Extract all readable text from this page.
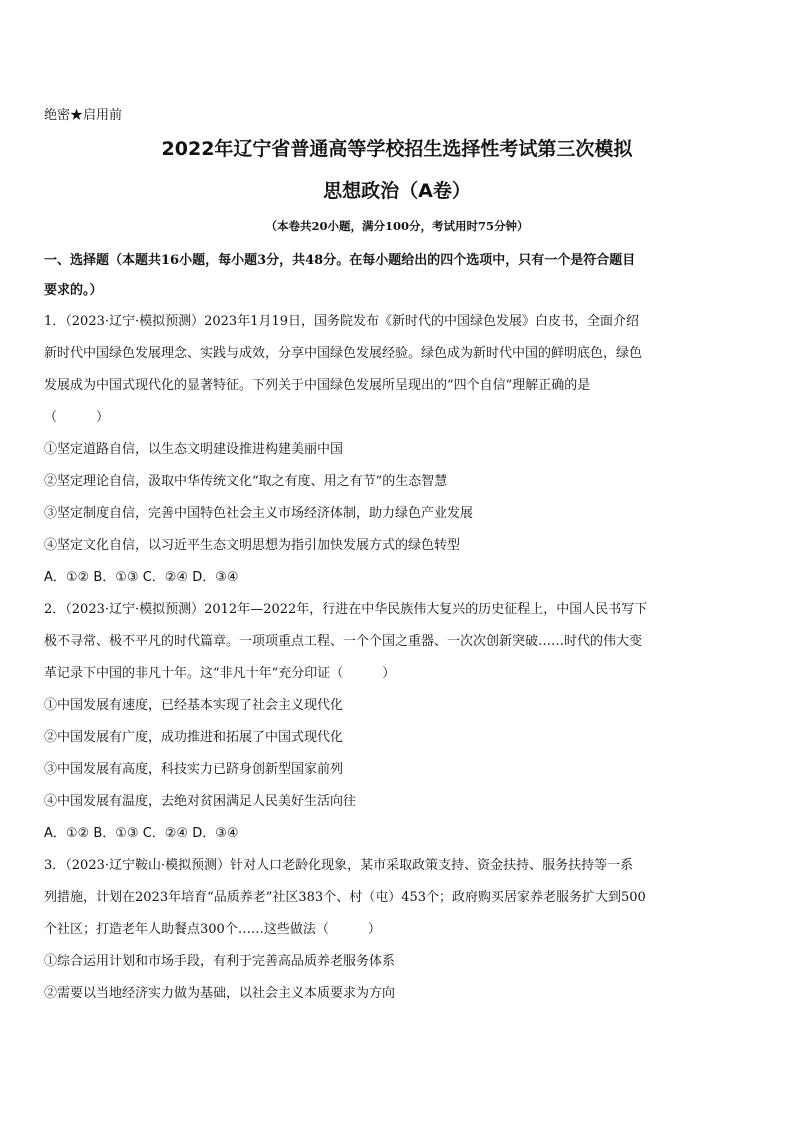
绝密★启用前
2022年辽宁省普通高等学校招生选择性考试第三次模拟
思想政治（A卷）
（本卷共20小题，满分100分，考试用时75分钟）
一、选择题（本题共16小题，每小题3分，共48分。在每小题给出的四个选项中，只有一个是符合题目
要求的。）
1．（2023·辽宁·模拟预测）2023年1月19日，国务院发布《新时代的中国绿色发展》白皮书，全面介绍
新时代中国绿色发展理念、实践与成效，分享中国绿色发展经验。绿色成为新时代中国的鲜明底色，绿色
发展成为中国式现代化的显著特征。下列关于中国绿色发展所呈现出的“四个自信”理解正确的是
（　　　）
①坚定道路自信，以生态文明建设推进构建美丽中国
②坚定理论自信，汲取中华传统文化“取之有度、用之有节”的生态智慧
③坚定制度自信，完善中国特色社会主义市场经济体制，助力绿色产业发展
④坚定文化自信，以习近平生态文明思想为指引加快发展方式的绿色转型
A．①② B．①③ C．②④ D．③④
2．（2023·辽宁·模拟预测）2012年—2022年，行进在中华民族伟大复兴的历史征程上，中国人民书写下
极不寻常、极不平凡的时代篇章。一项项重点工程、一个个国之重器、一次次创新突破……时代的伟大变
革记录下中国的非凡十年。这“非凡十年”充分印证（　　　）
①中国发展有速度，已经基本实现了社会主义现代化
②中国发展有广度，成功推进和拓展了中国式现代化
③中国发展有高度，科技实力已跻身创新型国家前列
④中国发展有温度，去绝对贫困满足人民美好生活向往
A．①② B．①③ C．②④ D．③④
3．（2023·辽宁鞍山·模拟预测）针对人口老龄化现象，某市采取政策支持、资金扶持、服务扶持等一系
列措施，计划在2023年培育“品质养老”社区383个、村（屯）453个；政府购买居家养老服务扩大到500
个社区；打造老年人助餐点300个……这些做法（　　　）
①综合运用计划和市场手段，有利于完善高品质养老服务体系
②需要以当地经济实力做为基础，以社会主义本质要求为方向
